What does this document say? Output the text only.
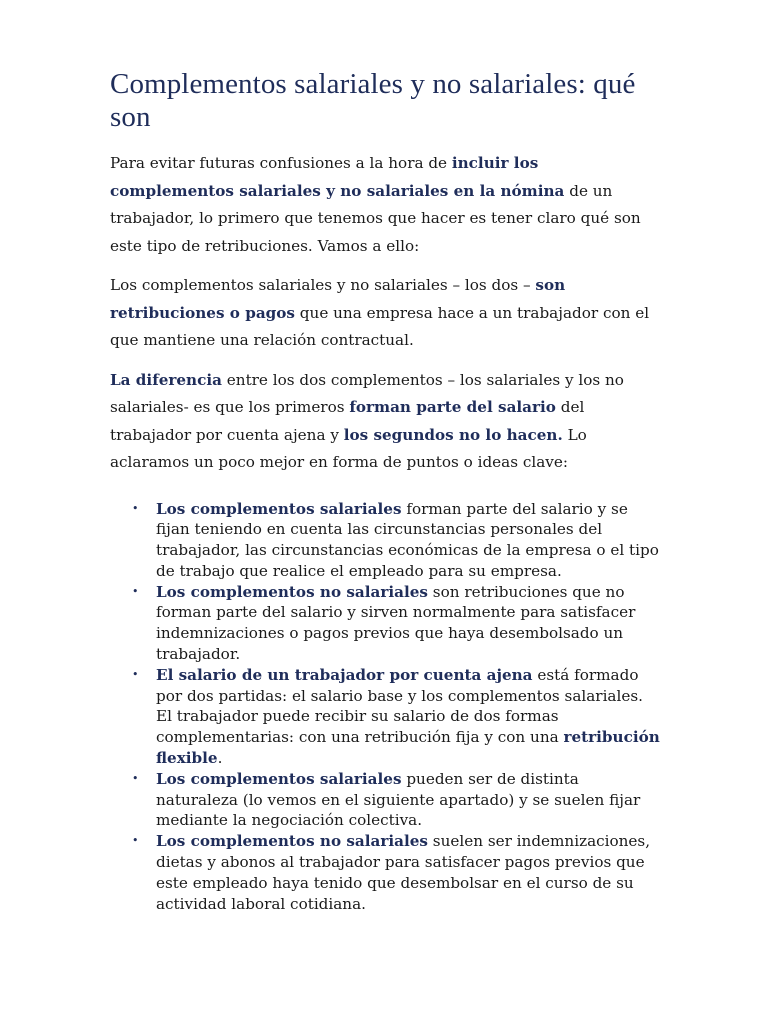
Complementos salariales y no salariales: qué son

Para evitar futuras confusiones a la hora de incluir los complementos salariales y no salariales en la nómina de un trabajador, lo primero que tenemos que hacer es tener claro qué son este tipo de retribuciones. Vamos a ello:

Los complementos salariales y no salariales – los dos – son retribuciones o pagos que una empresa hace a un trabajador con el que mantiene una relación contractual.

La diferencia entre los dos complementos – los salariales y los no salariales- es que los primeros forman parte del salario del trabajador por cuenta ajena y los segundos no lo hacen. Lo aclaramos un poco mejor en forma de puntos o ideas clave:

• Los complementos salariales forman parte del salario y se fijan teniendo en cuenta las circunstancias personales del trabajador, las circunstancias económicas de la empresa o el tipo de trabajo que realice el empleado para su empresa.
• Los complementos no salariales son retribuciones que no forman parte del salario y sirven normalmente para satisfacer indemnizaciones o pagos previos que haya desembolsado un trabajador.
• El salario de un trabajador por cuenta ajena está formado por dos partidas: el salario base y los complementos salariales. El trabajador puede recibir su salario de dos formas complementarias: con una retribución fija y con una retribución flexible.
• Los complementos salariales pueden ser de distinta naturaleza (lo vemos en el siguiente apartado) y se suelen fijar mediante la negociación colectiva.
• Los complementos no salariales suelen ser indemnizaciones, dietas y abonos al trabajador para satisfacer pagos previos que este empleado haya tenido que desembolsar en el curso de su actividad laboral cotidiana.
